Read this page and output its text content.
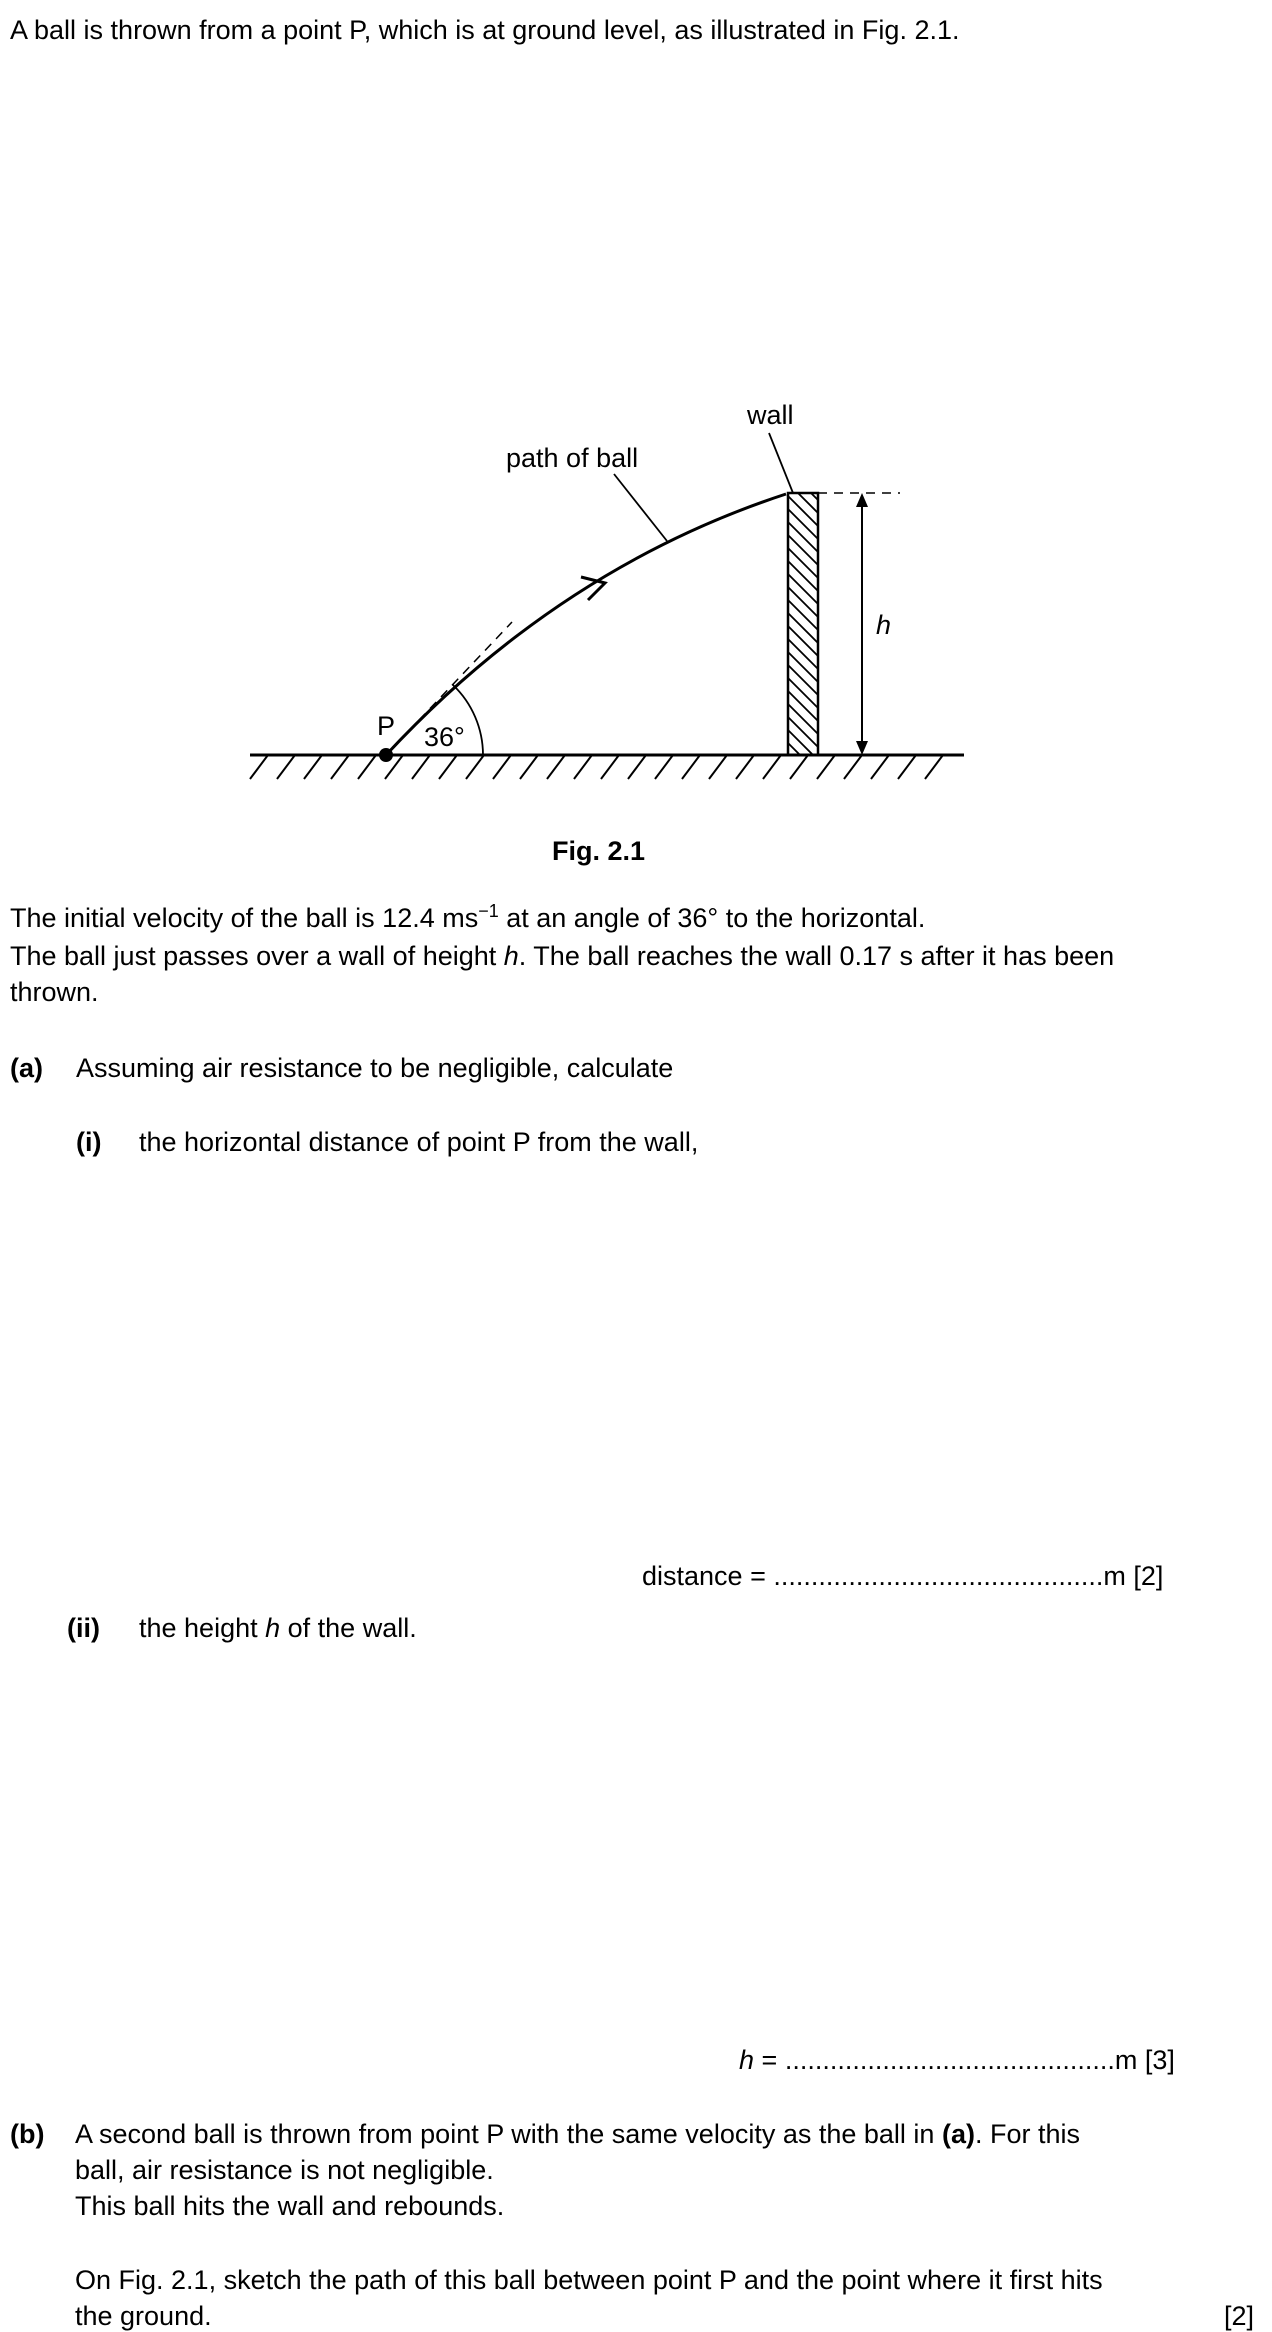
A ball is thrown from a point P, which is at ground level, as illustrated in Fig. 2.1.
h
wall
path of ball
P 36°
Fig. 2.1
The initial velocity of the ball is 12.4 $ms^{-1}$ at an angle of 36° to the horizontal.
The ball just passes over a wall of height h. The ball reaches the wall 0.17 s after it has been
thrown.
(a) Assuming air resistance to be negligible, calculate
(i) the horizontal distance of point P from the wall,
distance = ............................................m [2]
(ii) the height h of the wall.
h = ............................................m [3]
(b) A second ball is thrown from point P with the same velocity as the ball in (a). For this
ball, air resistance is not negligible.
This ball hits the wall and rebounds.
On Fig. 2.1, sketch the path of this ball between point P and the point where it first hits
the ground.	[2]
